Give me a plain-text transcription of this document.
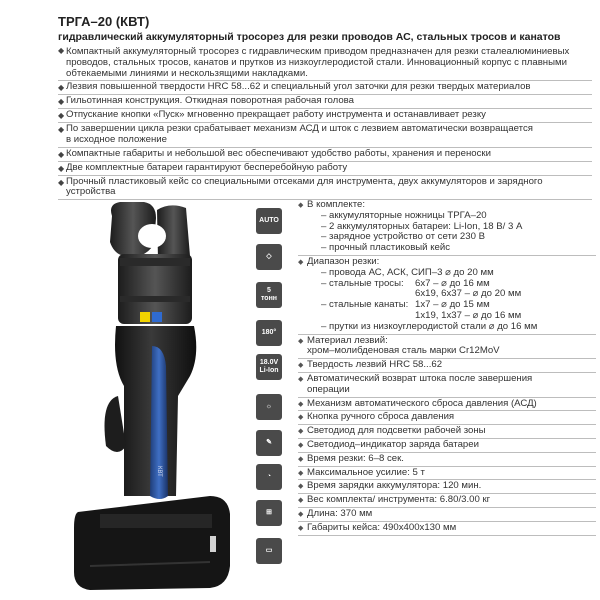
ТРГА–20 (КВТ)
гидравлический аккумуляторный тросорез для резки проводов АС, стальных тросов и канатов
Компактный аккумуляторный тросорез с гидравлическим приводом предназначен для резки сталеалюминиевых
проводов, стальных тросов, канатов и прутков из низкоуглеродистой стали. Инновационный корпус с плавными
обтекаемыми линиями и нескользящими накладками.
◆
◆ Лезвия повышенной твердости HRC 58...62 и специальный угол заточки для резки твердых материалов
◆ Гильотинная конструкция. Откидная поворотная рабочая голова
◆ Отпускание кнопки «Пуск» мгновенно прекращает работу инструмента и останавливает резку
◆ По завершении цикла резки срабатывает механизм АСД и шток с лезвием автоматически возвращается
в исходное положение
◆ Компактные габариты и небольшой вес обеспечивают удобство работы, хранения и переноски
◆ Две комплектные батареи гарантируют бесперебойную работу
◆ Прочный пластиковый кейс со специальными отсеками для инструмента, двух аккумуляторов и зарядного устройства
КВТ
AUTO
◇
5
тонн
180°
18.0V
Li-Ion
☼
✎
◔
⊞
▭
◆ В комплекте:
– аккумуляторные ножницы ТРГА–20
– 2 аккумуляторных батареи: Li-Ion, 18 В/ 3 А
– зарядное устройство от сети 230 В
– прочный пластиковый кейс
◆ Диапазон резки:
– провода АС, АСК, СИП–3 ⌀ до 20 мм
– стальные тросы:	6х7 – ⌀ до 16 мм
6х19, 6х37 – ⌀ до 20 мм
– стальные канаты: 1х7 – ⌀ до 15 мм
1х19, 1х37 – ⌀ до 16 мм
– прутки из низкоуглеродистой стали ⌀ до 16 мм
◆ Материал лезвий:
хром–молибденовая сталь марки Cr12MoV
◆ Твердость лезвий HRC 58...62
◆ Автоматический возврат штока после завершения
операции
◆ Механизм автоматического сброса давления (АСД)
◆ Кнопка ручного сброса давления
◆ Светодиод для подсветки рабочей зоны
◆ Светодиод–индикатор заряда батареи
◆ Время резки: 6–8 сек.
◆ Максимальное усилие: 5 т
◆ Время зарядки аккумулятора: 120 мин.
◆ Вес комплекта/ инструмента: 6.80/3.00 кг
◆ Длина: 370 мм
◆ Габариты кейса: 490х400х130 мм
